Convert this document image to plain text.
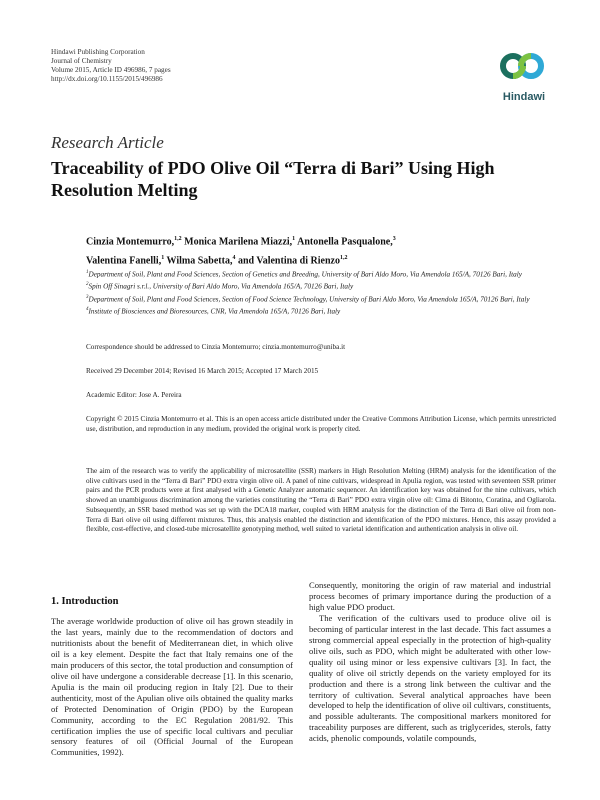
Hindawi Publishing Corporation
Journal of Chemistry
Volume 2015, Article ID 496986, 7 pages
http://dx.doi.org/10.1155/2015/496986
Hindawi
Research Article
Traceability of PDO Olive Oil “Terra di Bari” Using High
Resolution Melting
Cinzia Montemurro,$^{1,2}$ Monica Marilena Miazzi,$^1$ Antonella Pasqualone,$^3$
Valentina Fanelli,$^1$ Wilma Sabetta,$^4$ and Valentina di Rienzo$^{1,2}$
$^1$Department of Soil, Plant and Food Sciences, Section of Genetics and Breeding, University of Bari Aldo Moro, Via Amendola 165/A, 70126 Bari, Italy
$^2$Spin Off Sinagri s.r.l., University of Bari Aldo Moro, Via Amendola 165/A, 70126 Bari, Italy
$^3$Department of Soil, Plant and Food Sciences, Section of Food Science Technology, University of Bari Aldo Moro, Via Amendola 165/A, 70126 Bari, Italy
$^4$Institute of Biosciences and Bioresources, CNR, Via Amendola 165/A, 70126 Bari, Italy
Correspondence should be addressed to Cinzia Montemurro; cinzia.montemurro@uniba.it
Received 29 December 2014; Revised 16 March 2015; Accepted 17 March 2015
Academic Editor: Jose A. Pereira
Copyright © 2015 Cinzia Montemurro et al. This is an open access article distributed under the Creative Commons Attribution License, which permits unrestricted use, distribution, and reproduction in any medium, provided the original work is properly cited.
The aim of the research was to verify the applicability of microsatellite (SSR) markers in High Resolution Melting (HRM) analysis for the identification of the olive cultivars used in the “Terra di Bari” PDO extra virgin olive oil. A panel of nine cultivars, widespread in Apulia region, was tested with seventeen SSR primer pairs and the PCR products were at first analysed with a Genetic Analyzer automatic sequencer. An identification key was obtained for the nine cultivars, which showed an unambiguous discrimination among the varieties constituting the “Terra di Bari” PDO extra virgin olive oil: Cima di Bitonto, Coratina, and Ogliarola. Subsequently, an SSR based method was set up with the DCA18 marker, coupled with HRM analysis for the distinction of the Terra di Bari olive oil from non-Terra di Bari olive oil using different mixtures. Thus, this analysis enabled the distinction and identification of the PDO mixtures. Hence, this assay provided a flexible, cost-effective, and closed-tube microsatellite genotyping method, well suited to varietal identification and authentication analysis in olive oil.
1. Introduction

The average worldwide production of olive oil has grown steadily in the last years, mainly due to the recommendation of doctors and nutritionists about the benefit of Mediterranean diet, in which olive oil is a key element. Despite the fact that Italy remains one of the main producers of this sector, the total production and consumption of olive oil have undergone a considerable decrease [1]. In this scenario, Apulia is the main oil producing region in Italy [2]. Due to their authenticity, most of the Apulian olive oils obtained the quality marks of Protected Denomination of Origin (PDO) by the European Community, according to the EC Regulation 2081/92. This certification implies the use of specific local cultivars and peculiar sensory features of oil (Official Journal of the European Communities, 1992).

Consequently, monitoring the origin of raw material and industrial process becomes of primary importance during the production of a high value PDO product.

The verification of the cultivars used to produce olive oil is becoming of particular interest in the last decade. This fact assumes a strong commercial appeal especially in the protection of high-quality olive oils, such as PDO, which might be adulterated with other low-quality oil using minor or less expensive cultivars [3]. In fact, the quality of olive oil strictly depends on the variety employed for its production and there is a strong link between the cultivar and the territory of cultivation. Several analytical approaches have been developed to help the identification of olive oil cultivars, constituents, and possible adulterants. The compositional markers monitored for traceability purposes are different, such as triglycerides, sterols, fatty acids, phenolic compounds, volatile compounds,
